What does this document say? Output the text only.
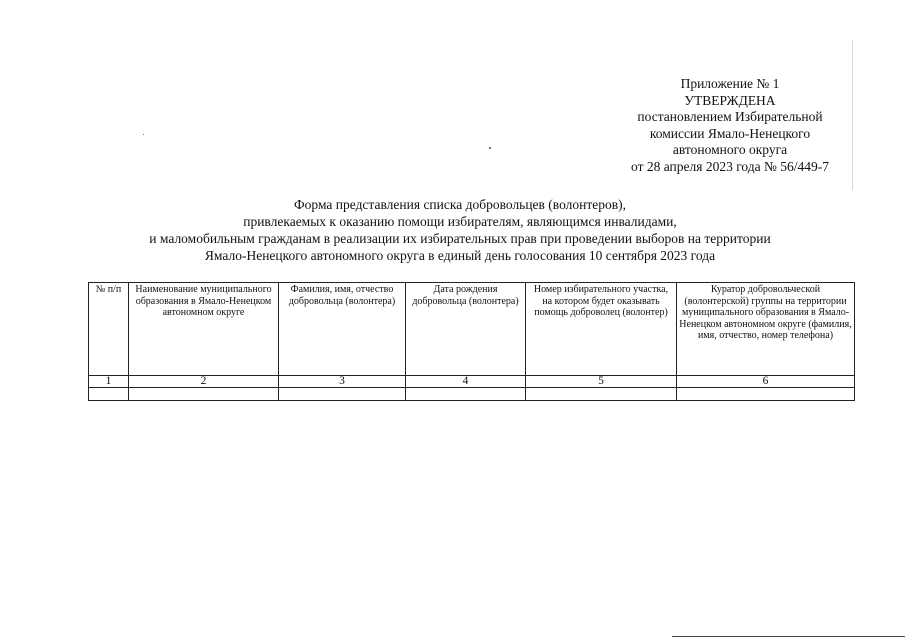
Приложение № 1
УТВЕРЖДЕНА
постановлением Избирательной
комиссии Ямало-Ненецкого
автономного округа
от 28 апреля 2023 года № 56/449-7
Форма представления списка добровольцев (волонтеров),
привлекаемых к оказанию помощи избирателям, являющимся инвалидами,
и маломобильным гражданам в реализации их избирательных прав при проведении выборов на территории
Ямало-Ненецкого автономного округа в единый день голосования 10 сентября 2023 года
№ п/п	Наименование муниципального образования в Ямало-Ненецком автономном округе	Фамилия, имя, отчество добровольца (волонтера)	Дата рождения добровольца (волонтера)	Номер избирательного участка, на котором будет оказывать помощь доброволец (волонтер)	Куратор добровольческой (волонтерской) группы на территории муниципального образования в Ямало-Ненецком автономном округе (фамилия, имя, отчество, номер телефона)
1	2	3	4	5	6
